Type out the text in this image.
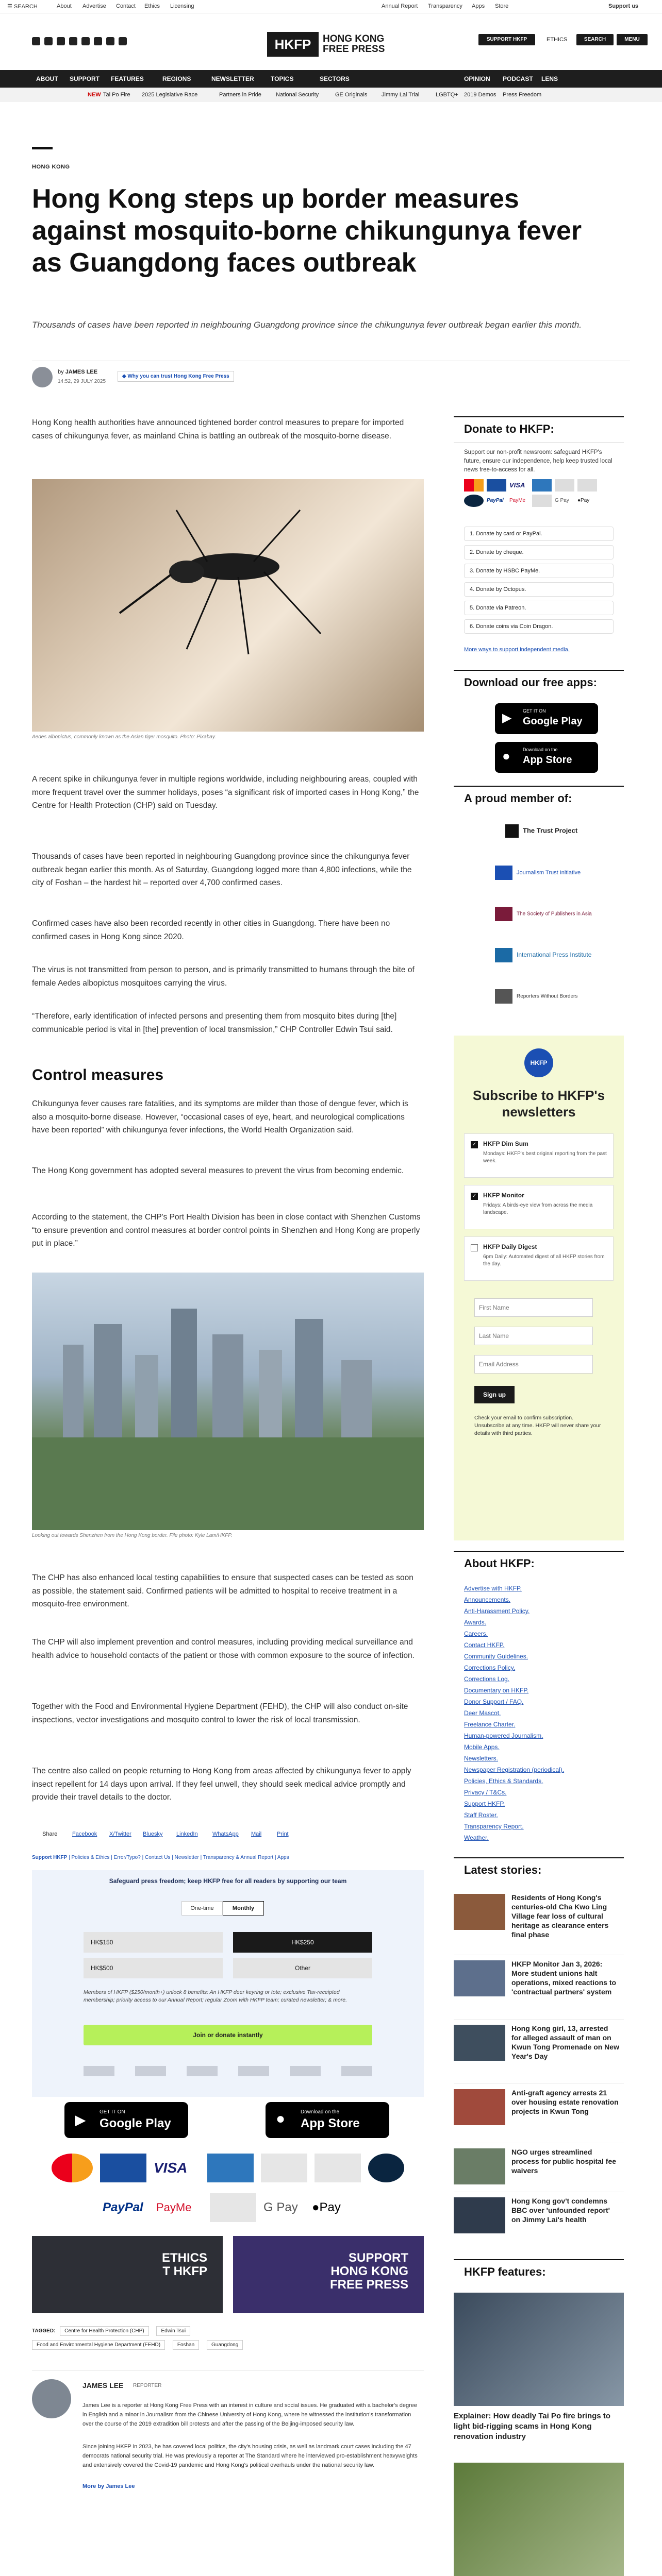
☰ SEARCH	About Advertise Contact Ethics Licensing	Annual Report Transparency Apps Store	Support us
HKFP	HONG KONG
FREE PRESS
SUPPORT HKFP	ETHICS	SEARCH	MENU
ABOUT SUPPORT FEATURES	REGIONS	NEWSLETTER	TOPICS	SECTORS	OPINION PODCAST LENS
NEW Tai Po Fire 2025 Legislative Race	Partners in Pride	National Security	GE Originals	Jimmy Lai Trial	LGBTQ+ 2019 Demos Press Freedom
HONG KONG
Hong Kong steps up border measures against mosquito-borne chikungunya fever as Guangdong faces outbreak

Thousands of cases have been reported in neighbouring Guangdong province since the chikungunya fever outbreak began earlier this month.

by JAMES LEE
14:52, 29 JULY 2025
◆ Why you can trust Hong Kong Free Press

Hong Kong health authorities have announced tightened border control measures to prepare for imported cases of chikungunya fever, as mainland China is battling an outbreak of the mosquito-borne disease.

Aedes albopictus, commonly known as the Asian tiger mosquito. Photo: Pixabay.

A recent spike in chikungunya fever in multiple regions worldwide, including neighbouring areas, coupled with more frequent travel over the summer holidays, poses “a significant risk of imported cases in Hong Kong,” the Centre for Health Protection (CHP) said on Tuesday.

Thousands of cases have been reported in neighbouring Guangdong province since the chikungunya fever outbreak began earlier this month. As of Saturday, Guangdong logged more than 4,800 infections, while the city of Foshan – the hardest hit – reported over 4,700 confirmed cases.

Confirmed cases have also been recorded recently in other cities in Guangdong. There have been no confirmed cases in Hong Kong since 2020.

The virus is not transmitted from person to person, and is primarily transmitted to humans through the bite of female Aedes albopictus mosquitoes carrying the virus.

“Therefore, early identification of infected persons and presenting them from mosquito bites during [the] communicable period is vital in [the] prevention of local transmission,” CHP Controller Edwin Tsui said.

Control measures

Chikungunya fever causes rare fatalities, and its symptoms are milder than those of dengue fever, which is also a mosquito-borne disease. However, “occasional cases of eye, heart, and neurological complications have been reported” with chikungunya fever infections, the World Health Organization said.

The Hong Kong government has adopted several measures to prevent the virus from becoming endemic.

According to the statement, the CHP's Port Health Division has been in close contact with Shenzhen Customs “to ensure prevention and control measures at border control points in Shenzhen and Hong Kong are properly put in place.”

Looking out towards Shenzhen from the Hong Kong border. File photo: Kyle Lam/HKFP.

The CHP has also enhanced local testing capabilities to ensure that suspected cases can be tested as soon as possible, the statement said. Confirmed patients will be admitted to hospital to receive treatment in a mosquito-free environment.

The CHP will also implement prevention and control measures, including providing medical surveillance and health advice to household contacts of the patient or those with common exposure to the source of infection.

Together with the Food and Environmental Hygiene Department (FEHD), the CHP will also conduct on-site inspections, vector investigations and mosquito control to lower the risk of local transmission.

The centre also called on people returning to Hong Kong from areas affected by chikungunya fever to apply insect repellent for 14 days upon arrival. If they feel unwell, they should seek medical advice promptly and provide their travel details to the doctor.

Share	Facebook X/Twitter Bluesky LinkedIn	WhatsApp Mail	Print
Support HKFP | Policies & Ethics | Error/Typo? | Contact Us | Newsletter | Transparency & Annual Report | Apps
Safeguard press freedom; keep HKFP free for all readers by supporting our team
One-time	Monthly
HK$150	HK$250
HK$500	Other
Members of HKFP ($250/month+) unlock 8 benefits: An HKFP deer keyring or tote; exclusive Tax-receipted membership; priority access to our Annual Report; regular Zoom with HKFP team; curated newsletter; & more.
Join or donate instantly
▶	GET IT ON
Google Play	●	Download on the
App Store
VISA
PayPal	PayMe	G Pay	●Pay
ETHICS
T HKFP
SUPPORT
HONG KONG
FREE PRESS
TAGGED: Centre for Health Protection (CHP)	Edwin Tsui
Food and Environmental Hygiene Department (FEHD)	Foshan	Guangdong
JAMES LEE REPORTER

James Lee is a reporter at Hong Kong Free Press with an interest in culture and social issues. He graduated with a bachelor's degree in English and a minor in Journalism from the Chinese University of Hong Kong, where he witnessed the institution's transformation over the course of the 2019 extradition bill protests and after the passing of the Beijing-imposed security law.

Since joining HKFP in 2023, he has covered local politics, the city's housing crisis, as well as landmark court cases including the 47 democrats national security trial. He was previously a reporter at The Standard where he interviewed pro-establishment heavyweights and extensively covered the Covid-19 pandemic and Hong Kong's political overhauls under the national security law.

More by James Lee
Donate to HKFP:

Support our non-profit newsroom: safeguard HKFP's future, ensure our independence, help keep trusted local news free-to-access for all.

VISA
PayPal	PayMe	G Pay	●Pay
1. Donate by card or PayPal.
2. Donate by cheque.
3. Donate by HSBC PayMe.
4. Donate by Octopus.
5. Donate via Patreon.
6. Donate coins via Coin Dragon.
More ways to support independent media.
Download our free apps:
▶ GET IT ON
Google Play
●	Download on the
App Store
A proud member of:
The Trust Project
Journalism Trust Initiative
The Society of Publishers in Asia
International Press Institute
Reporters Without Borders
HKFP
Subscribe to HKFP's newsletters
✓ HKFP Dim Sum
Mondays: HKFP's best original reporting from the past week.
✓ HKFP Monitor
Fridays: A birds-eye view from across the media landscape.
HKFP Daily Digest
6pm Daily: Automated digest of all HKFP stories from the day.
First Name
Last Name
Email Address
Sign up

Check your email to confirm subscription. Unsubscribe at any time. HKFP will never share your details with third parties.

About HKFP:
Advertise with HKFP.
Announcements.
Anti-Harassment Policy.
Awards.
Careers.
Contact HKFP.
Community Guidelines.
Corrections Policy.
Corrections Log.
Documentary on HKFP.
Donor Support / FAQ.
Deer Mascot.
Freelance Charter.
Human-powered Journalism.
Mobile Apps.
Newsletters.
Newspaper Registration (periodical).
Policies, Ethics & Standards.
Privacy / T&Cs.
Support HKFP.
Staff Roster.
Transparency Report.
Weather.
Latest stories:
Residents of Hong Kong's centuries-old Cha Kwo Ling Village fear loss of cultural heritage as clearance enters final phase
HKFP Monitor Jan 3, 2026: More student unions halt operations, mixed reactions to 'contractual partners' system
Hong Kong girl, 13, arrested for alleged assault of man on Kwun Tong Promenade on New Year's Day
Anti-graft agency arrests 21 over housing estate renovation projects in Kwun Tong
NGO urges streamlined process for public hospital fee waivers
Hong Kong gov't condemns BBC over 'unfounded report' on Jimmy Lai's health
HKFP features:
Explainer: How deadly Tai Po fire brings to light bid-rigging scams in Hong Kong renovation industry
